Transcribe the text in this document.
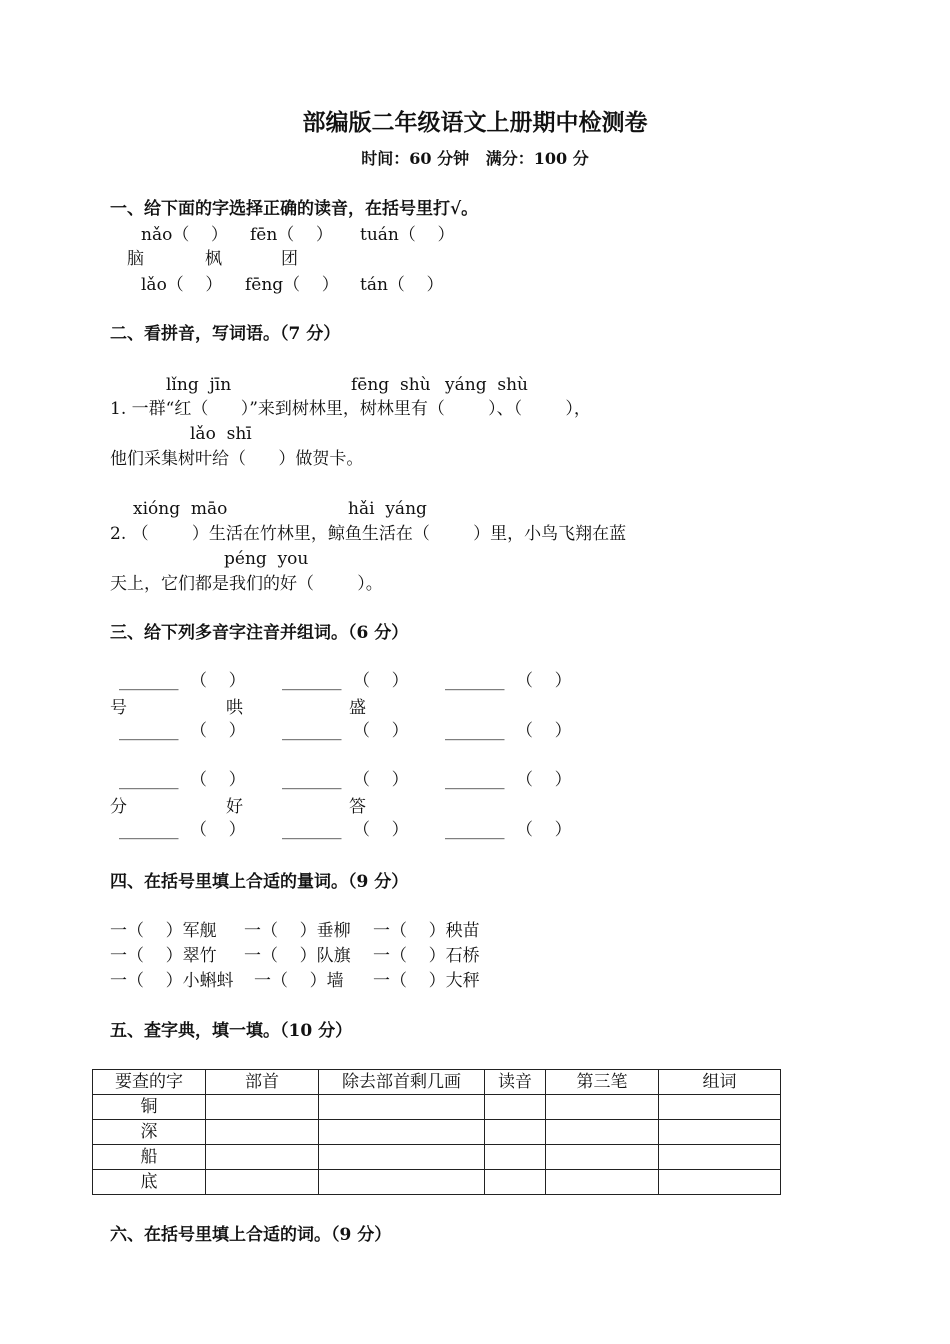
部编版二年级语文上册期中检测卷
时间：60 分钟   满分：100 分
一、给下面的字选择正确的读音，在括号里打√。
nǎo（    ） fēn（    ） tuán（    ）
脑	枫	团
lǎo（    ） fēng（    ） tán（    ）
二、看拼音，写词语。（7 分）
lǐng  jīn	fēng  shù yáng  shù
1. 一群“红（      ）”来到树林里，树林里有（        ）、（        ），
lǎo  shī
他们采集树叶给（      ）做贺卡。
xióng  māo	hǎi  yáng
2. （        ）生活在竹林里，鲸鱼生活在（        ）里，小鸟飞翔在蓝
péng  you
天上，它们都是我们的好（        ）。
三、给下列多音字注音并组词。（6 分）
_______ （    ） _______ （    ） _______ （    ）
号	哄	盛
_______ （    ） _______ （    ） _______ （    ）
_______ （    ） _______ （    ） _______ （    ）
分	好	答
_______ （    ） _______ （    ） _______ （    ）
四、在括号里填上合适的量词。（9 分）
一（    ）军舰 一（    ）垂柳 一（    ）秧苗
一（    ）翠竹 一（    ）队旗 一（    ）石桥
一（    ）小蝌蚪 一（    ）墙 一（    ）大秤
五、查字典，填一填。（10 分）
要查的字	部首	除去部首剩几画	读音	第三笔	组词
铜					
深					
船					
底					
六、在括号里填上合适的词。（9 分）
